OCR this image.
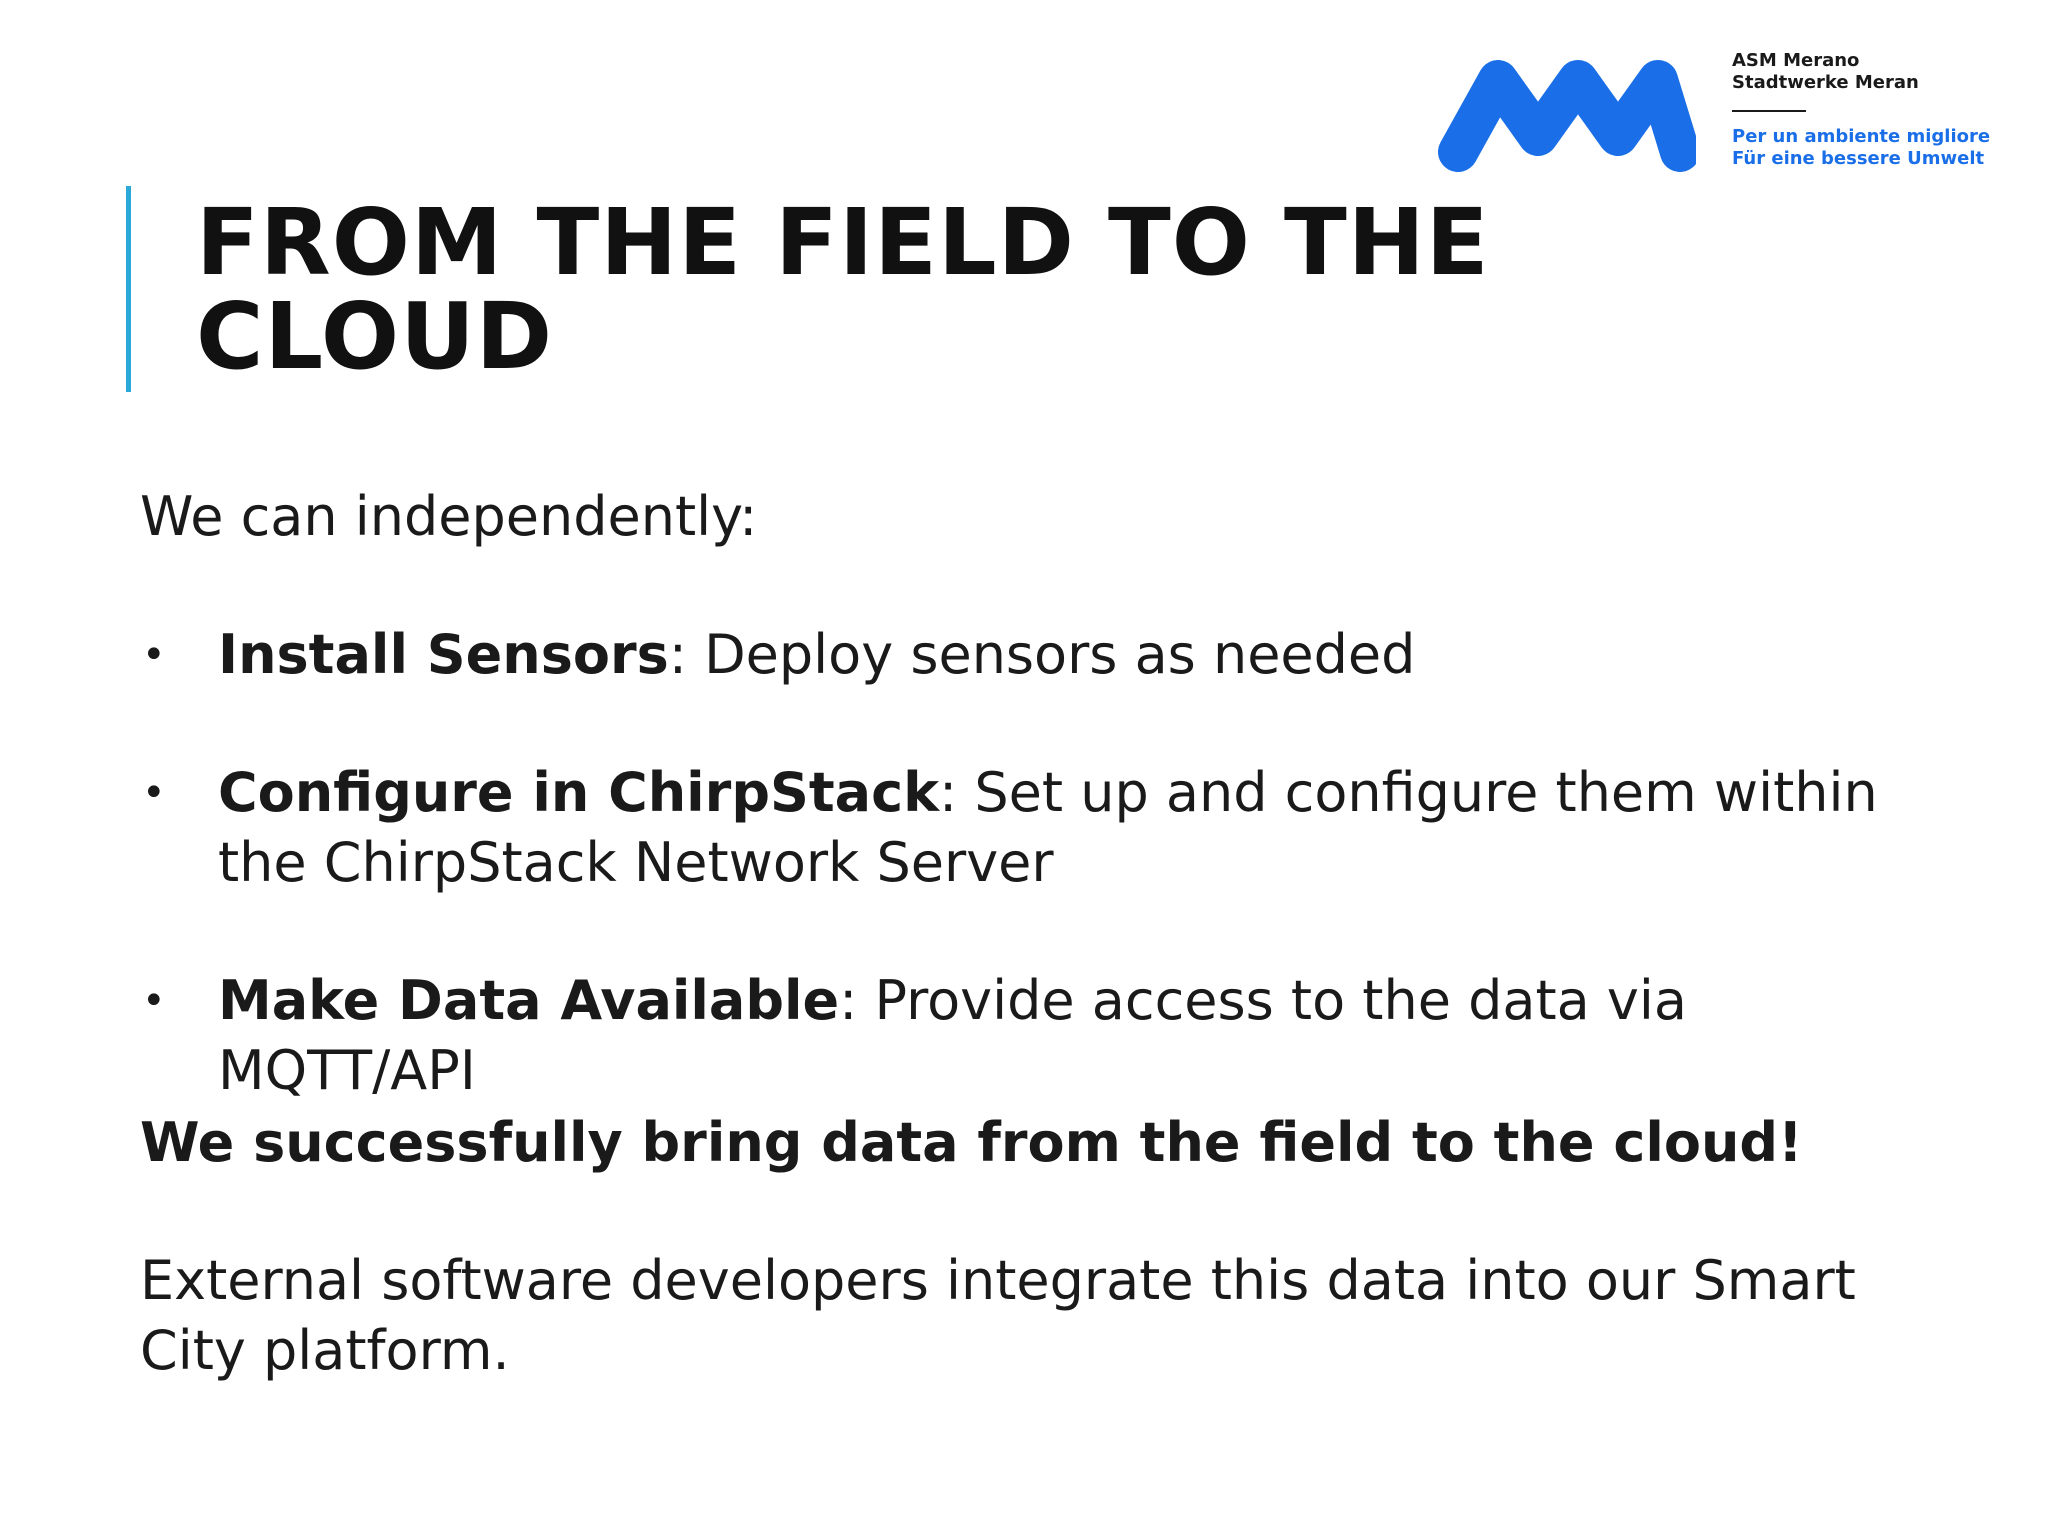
ASM Merano
Stadtwerke Meran
Per un ambiente migliore
Für eine bessere Umwelt
FROM THE FIELD TO THE
CLOUD

We can independently:

• Install Sensors: Deploy sensors as needed
• Configure in ChirpStack: Set up and configure them within the ChirpStack Network Server
• Make Data Available: Provide access to the data via MQTT/API

We successfully bring data from the field to the cloud!

External software developers integrate this data into our Smart City platform.
